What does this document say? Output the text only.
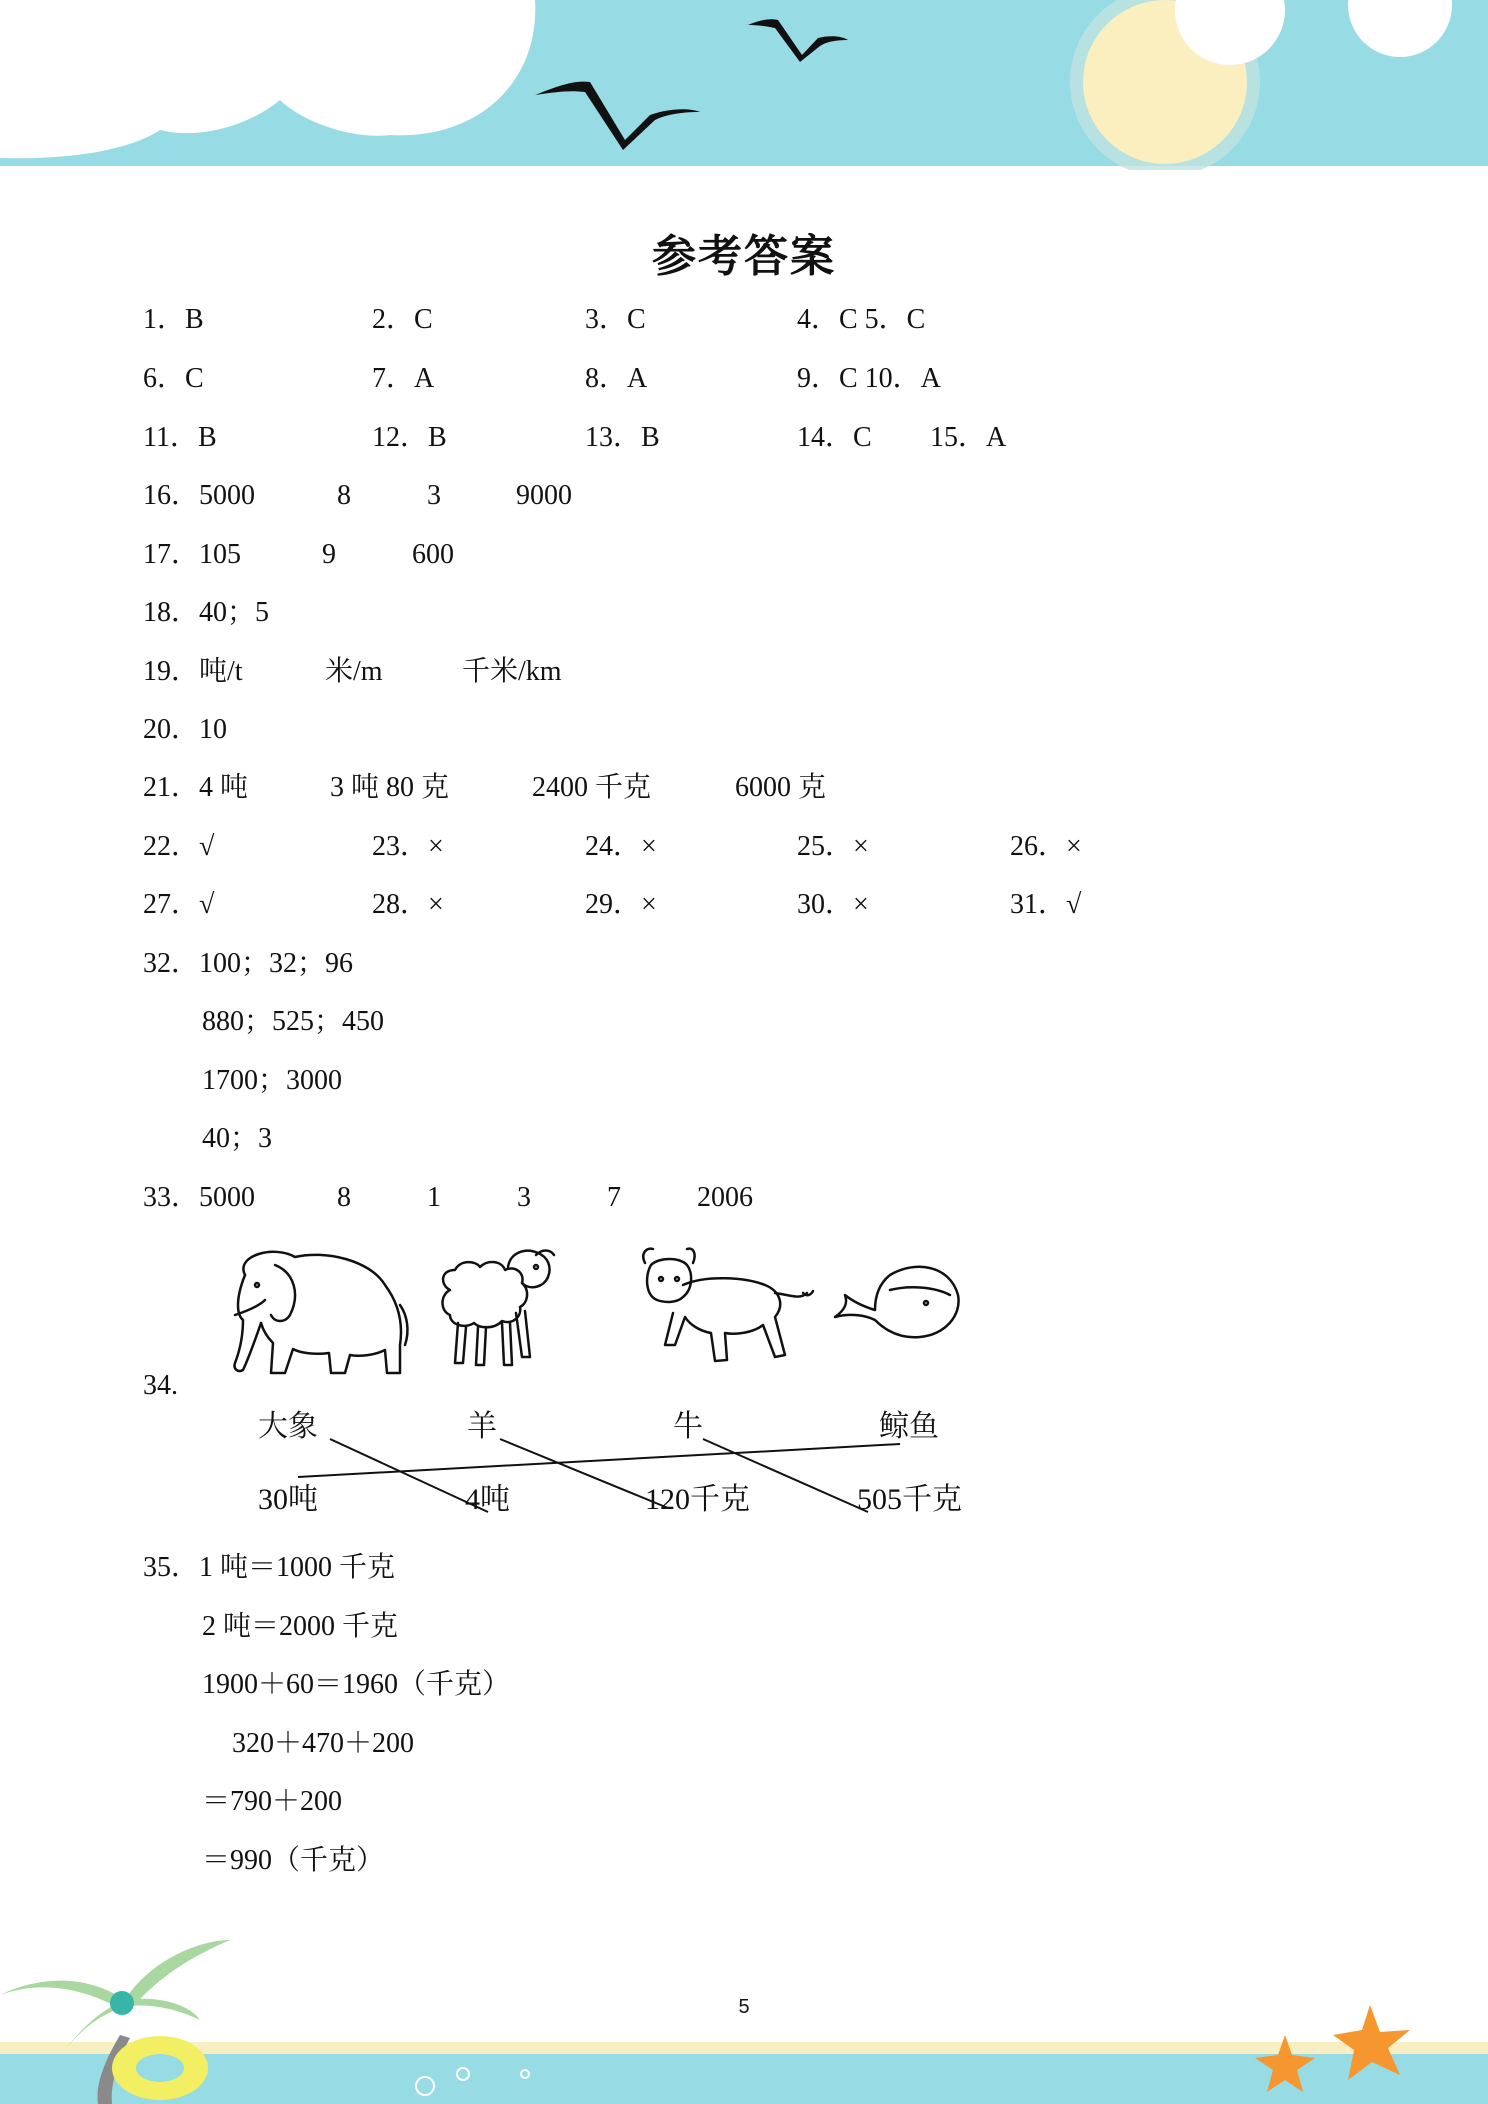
参考答案
1．B	2．C	3．C	4．C 5．C
6．C	7．A	8．A	9．C 10．A
11．B	12．B	13．B	14．C 15．A
16．5000	8	3	9000
17．105	9	600
18．40；5
19．吨/t	米/m	千米/km
20．10
21．4 吨	3 吨 80 克	2400 千克	6000 克
22．√	23．×	24．×	25．×	26．×
27．√	28．×	29．×	30．×	31．√
32．100；32；96
880；525；450
1700；3000
40；3
33．5000	8	1	3	7	2006
34.
大象	羊	牛	鲸鱼
30吨	4吨	120千克	505千克
35．1 吨＝1000 千克
2 吨＝2000 千克
1900＋60＝1960（千克）
320＋470＋200
＝790＋200
＝990（千克）
5
